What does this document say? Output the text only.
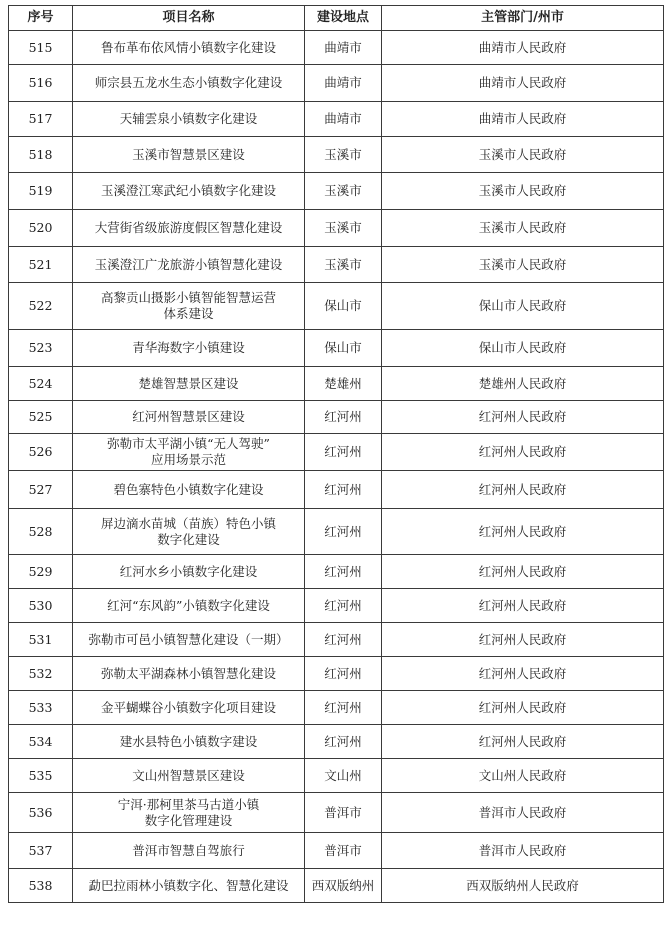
序号	项目名称	建设地点	主管部门/州市
515	鲁布革布依风情小镇数字化建设	曲靖市	曲靖市人民政府
516	师宗县五龙水生态小镇数字化建设	曲靖市	曲靖市人民政府
517	天辅雲泉小镇数字化建设	曲靖市	曲靖市人民政府
518	玉溪市智慧景区建设	玉溪市	玉溪市人民政府
519	玉溪澄江寒武纪小镇数字化建设	玉溪市	玉溪市人民政府
520	大营街省级旅游度假区智慧化建设	玉溪市	玉溪市人民政府
521	玉溪澄江广龙旅游小镇智慧化建设	玉溪市	玉溪市人民政府
522	高黎贡山摄影小镇智能智慧运营
体系建设	保山市	保山市人民政府
523	青华海数字小镇建设	保山市	保山市人民政府
524	楚雄智慧景区建设	楚雄州	楚雄州人民政府
525	红河州智慧景区建设	红河州	红河州人民政府
526	弥勒市太平湖小镇“无人驾驶”
应用场景示范	红河州	红河州人民政府
527	碧色寨特色小镇数字化建设	红河州	红河州人民政府
528	屏边滴水苗城（苗族）特色小镇
数字化建设	红河州	红河州人民政府
529	红河水乡小镇数字化建设	红河州	红河州人民政府
530	红河“东风韵”小镇数字化建设	红河州	红河州人民政府
531	弥勒市可邑小镇智慧化建设（一期）	红河州	红河州人民政府
532	弥勒太平湖森林小镇智慧化建设	红河州	红河州人民政府
533	金平蝴蝶谷小镇数字化项目建设	红河州	红河州人民政府
534	建水县特色小镇数字建设	红河州	红河州人民政府
535	文山州智慧景区建设	文山州	文山州人民政府
536	宁洱·那柯里茶马古道小镇
数字化管理建设	普洱市	普洱市人民政府
537	普洱市智慧自驾旅行	普洱市	普洱市人民政府
538	勐巴拉雨林小镇数字化、智慧化建设	西双版纳州	西双版纳州人民政府
